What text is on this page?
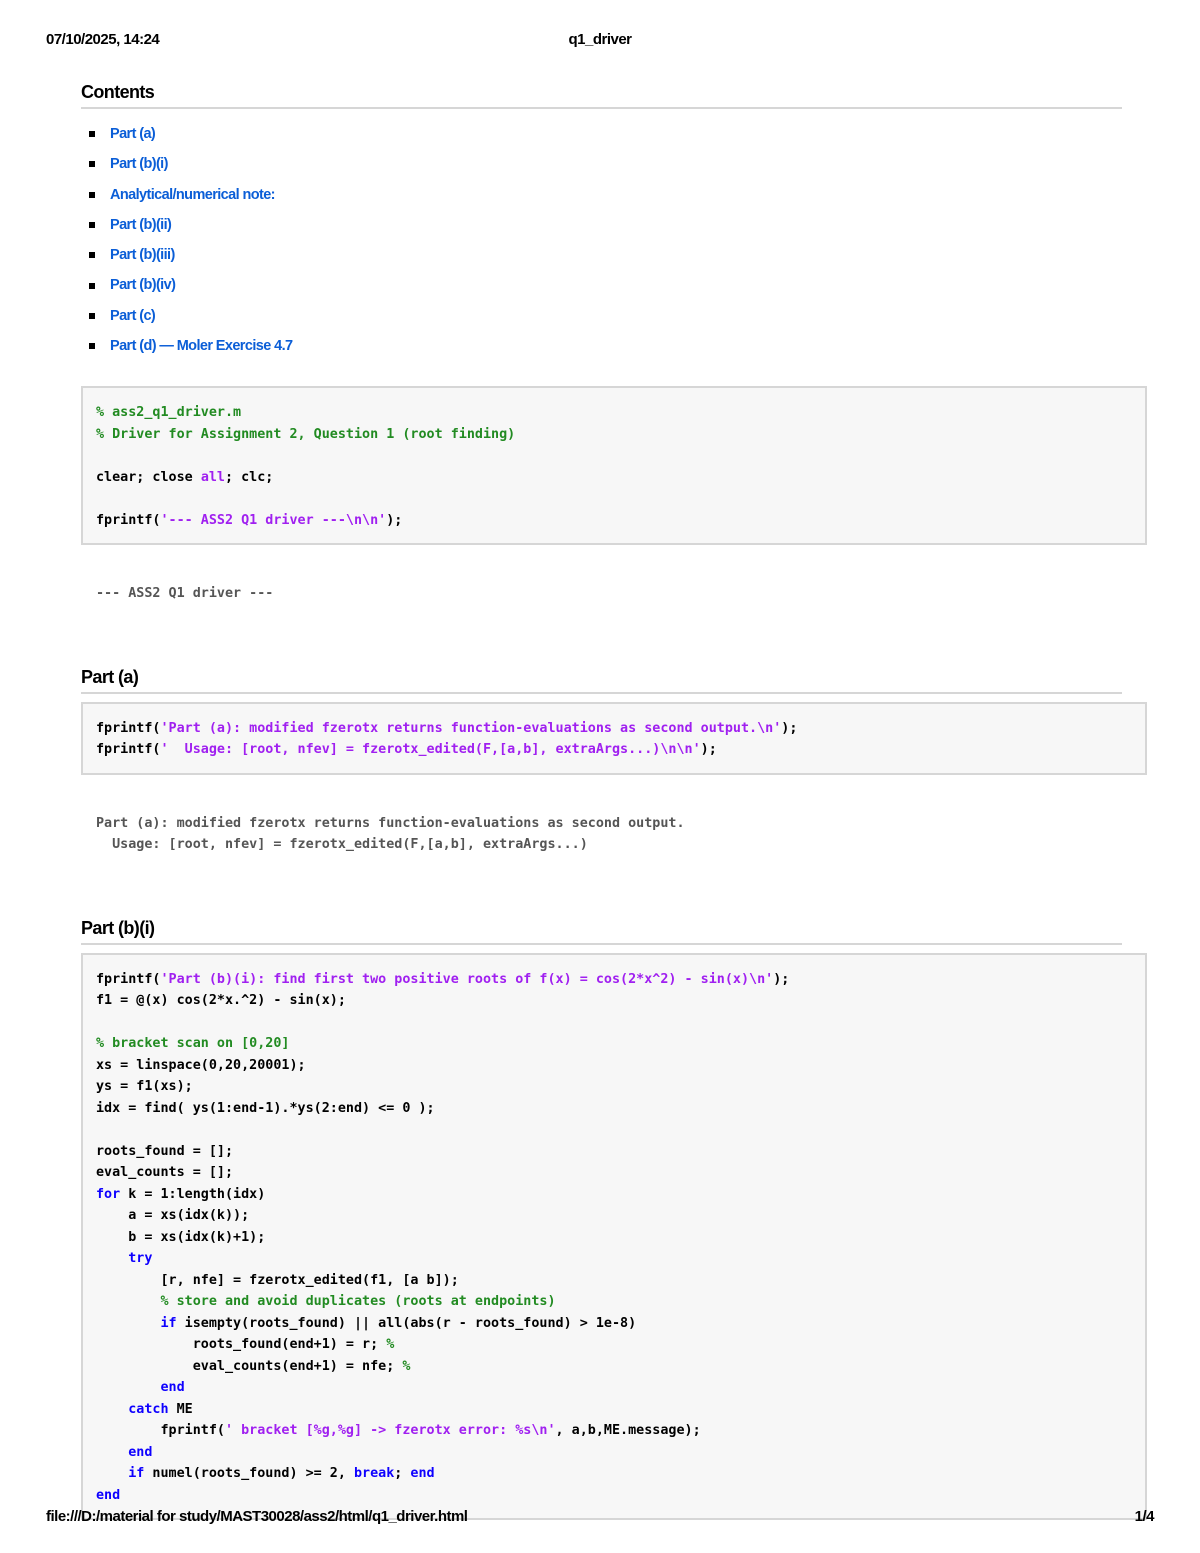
07/10/2025, 14:24	q1_driver
Contents
Part (a)
Part (b)(i)
Analytical/numerical note:
Part (b)(ii)
Part (b)(iii)
Part (b)(iv)
Part (c)
Part (d) — Moler Exercise 4.7
% ass2_q1_driver.m
% Driver for Assignment 2, Question 1 (root finding)
clear; close all; clc;
fprintf('--- ASS2 Q1 driver ---\n\n');
--- ASS2 Q1 driver ---
Part (a)
fprintf('Part (a): modified fzerotx returns function-evaluations as second output.\n');
fprintf('  Usage: [root, nfev] = fzerotx_edited(F,[a,b], extraArgs...)\n\n');
Part (a): modified fzerotx returns function-evaluations as second output.
Usage: [root, nfev] = fzerotx_edited(F,[a,b], extraArgs...)
Part (b)(i)
fprintf('Part (b)(i): find first two positive roots of f(x) = cos(2*x^2) - sin(x)\n');
f1 = @(x) cos(2*x.^2) - sin(x);
% bracket scan on [0,20]
xs = linspace(0,20,20001);
ys = f1(xs);
idx = find( ys(1:end-1).*ys(2:end) <= 0 );
roots_found = [];
eval_counts = [];
for k = 1:length(idx)
a = xs(idx(k));
b = xs(idx(k)+1);
try
[r, nfe] = fzerotx_edited(f1, [a b]);
% store and avoid duplicates (roots at endpoints)
if isempty(roots_found) || all(abs(r - roots_found) > 1e-8)
roots_found(end+1) = r; %
eval_counts(end+1) = nfe; %
end
catch ME
fprintf(' bracket [%g,%g] -> fzerotx error: %s\n', a,b,ME.message);
end
if numel(roots_found) >= 2, break; end
end
file:///D:/material for study/MAST30028/ass2/html/q1_driver.html	1/4
